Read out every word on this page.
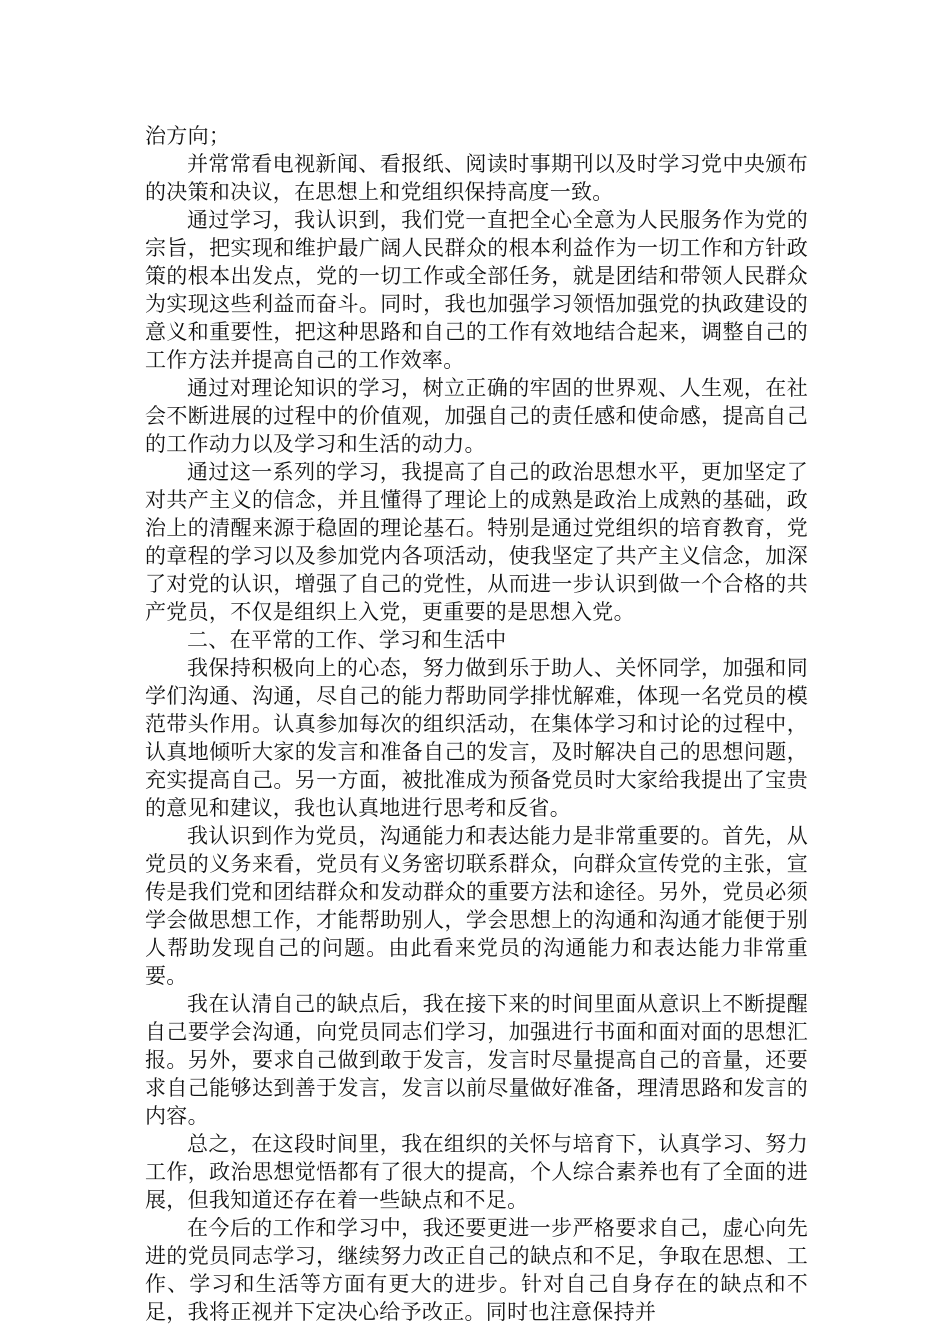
治方向；

并常常看电视新闻、看报纸、阅读时事期刊以及时学习党中央颁布的决策和决议，在思想上和党组织保持高度一致。

通过学习，我认识到，我们党一直把全心全意为人民服务作为党的宗旨，把实现和维护最广阔人民群众的根本利益作为一切工作和方针政策的根本出发点，党的一切工作或全部任务，就是团结和带领人民群众为实现这些利益而奋斗。同时，我也加强学习领悟加强党的执政建设的意义和重要性，把这种思路和自己的工作有效地结合起来，调整自己的工作方法并提高自己的工作效率。

通过对理论知识的学习，树立正确的牢固的世界观、人生观，在社会不断进展的过程中的价值观，加强自己的责任感和使命感，提高自己的工作动力以及学习和生活的动力。

通过这一系列的学习，我提高了自己的政治思想水平，更加坚定了对共产主义的信念，并且懂得了理论上的成熟是政治上成熟的基础，政治上的清醒来源于稳固的理论基石。特别是通过党组织的培育教育，党的章程的学习以及参加党内各项活动，使我坚定了共产主义信念，加深了对党的认识，增强了自己的党性，从而进一步认识到做一个合格的共产党员，不仅是组织上入党，更重要的是思想入党。

二、在平常的工作、学习和生活中

我保持积极向上的心态，努力做到乐于助人、关怀同学，加强和同学们沟通、沟通，尽自己的能力帮助同学排忧解难，体现一名党员的模范带头作用。认真参加每次的组织活动，在集体学习和讨论的过程中，认真地倾听大家的发言和准备自己的发言，及时解决自己的思想问题，充实提高自己。另一方面，被批准成为预备党员时大家给我提出了宝贵的意见和建议，我也认真地进行思考和反省。

我认识到作为党员，沟通能力和表达能力是非常重要的。首先，从党员的义务来看，党员有义务密切联系群众，向群众宣传党的主张，宣传是我们党和团结群众和发动群众的重要方法和途径。另外，党员必须学会做思想工作，才能帮助别人，学会思想上的沟通和沟通才能便于别人帮助发现自己的问题。由此看来党员的沟通能力和表达能力非常重要。

我在认清自己的缺点后，我在接下来的时间里面从意识上不断提醒自己要学会沟通，向党员同志们学习，加强进行书面和面对面的思想汇报。另外，要求自己做到敢于发言，发言时尽量提高自己的音量，还要求自己能够达到善于发言，发言以前尽量做好准备，理清思路和发言的内容。

总之，在这段时间里，我在组织的关怀与培育下，认真学习、努力工作，政治思想觉悟都有了很大的提高，个人综合素养也有了全面的进展，但我知道还存在着一些缺点和不足。

在今后的工作和学习中，我还要更进一步严格要求自己，虚心向先进的党员同志学习，继续努力改正自己的缺点和不足，争取在思想、工作、学习和生活等方面有更大的进步。针对自己自身存在的缺点和不足，我将正视并下定决心给予改正。同时也注意保持并
